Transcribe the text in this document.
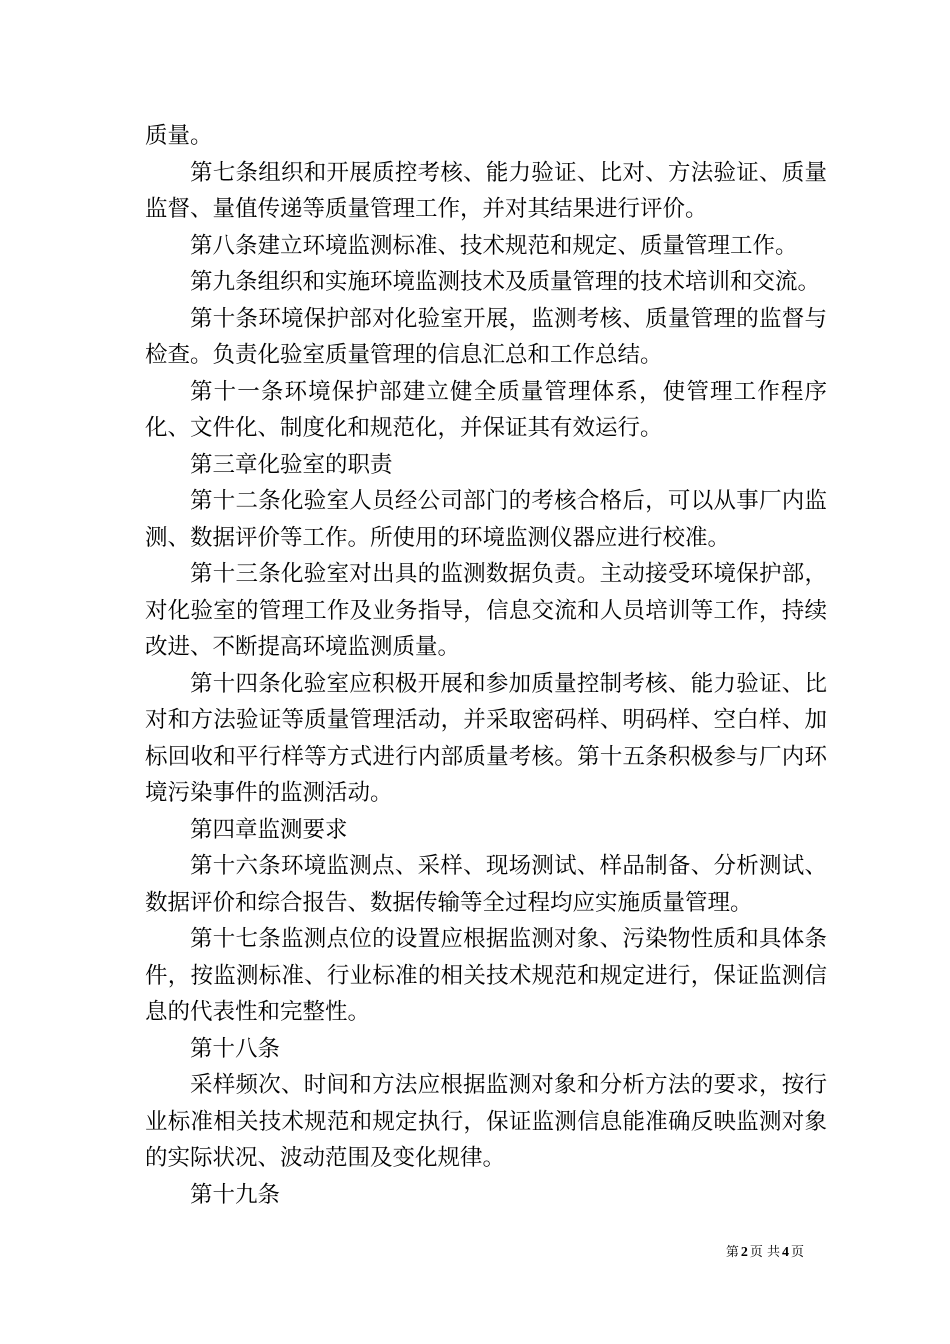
质量。

第七条组织和开展质控考核、能力验证、比对、方法验证、质量监督、量值传递等质量管理工作，并对其结果进行评价。

第八条建立环境监测标准、技术规范和规定、质量管理工作。

第九条组织和实施环境监测技术及质量管理的技术培训和交流。

第十条环境保护部对化验室开展，监测考核、质量管理的监督与检查。负责化验室质量管理的信息汇总和工作总结。

第十一条环境保护部建立健全质量管理体系，使管理工作程序化、文件化、制度化和规范化，并保证其有效运行。

第三章化验室的职责

第十二条化验室人员经公司部门的考核合格后，可以从事厂内监测、数据评价等工作。所使用的环境监测仪器应进行校准。

第十三条化验室对出具的监测数据负责。主动接受环境保护部，对化验室的管理工作及业务指导，信息交流和人员培训等工作，持续改进、不断提高环境监测质量。

第十四条化验室应积极开展和参加质量控制考核、能力验证、比对和方法验证等质量管理活动，并采取密码样、明码样、空白样、加标回收和平行样等方式进行内部质量考核。第十五条积极参与厂内环境污染事件的监测活动。

第四章监测要求

第十六条环境监测点、采样、现场测试、样品制备、分析测试、数据评价和综合报告、数据传输等全过程均应实施质量管理。

第十七条监测点位的设置应根据监测对象、污染物性质和具体条件，按监测标准、行业标准的相关技术规范和规定进行，保证监测信息的代表性和完整性。

第十八条

采样频次、时间和方法应根据监测对象和分析方法的要求，按行业标准相关技术规范和规定执行，保证监测信息能准确反映监测对象的实际状况、波动范围及变化规律。

第十九条

第 2 页 共 4 页
